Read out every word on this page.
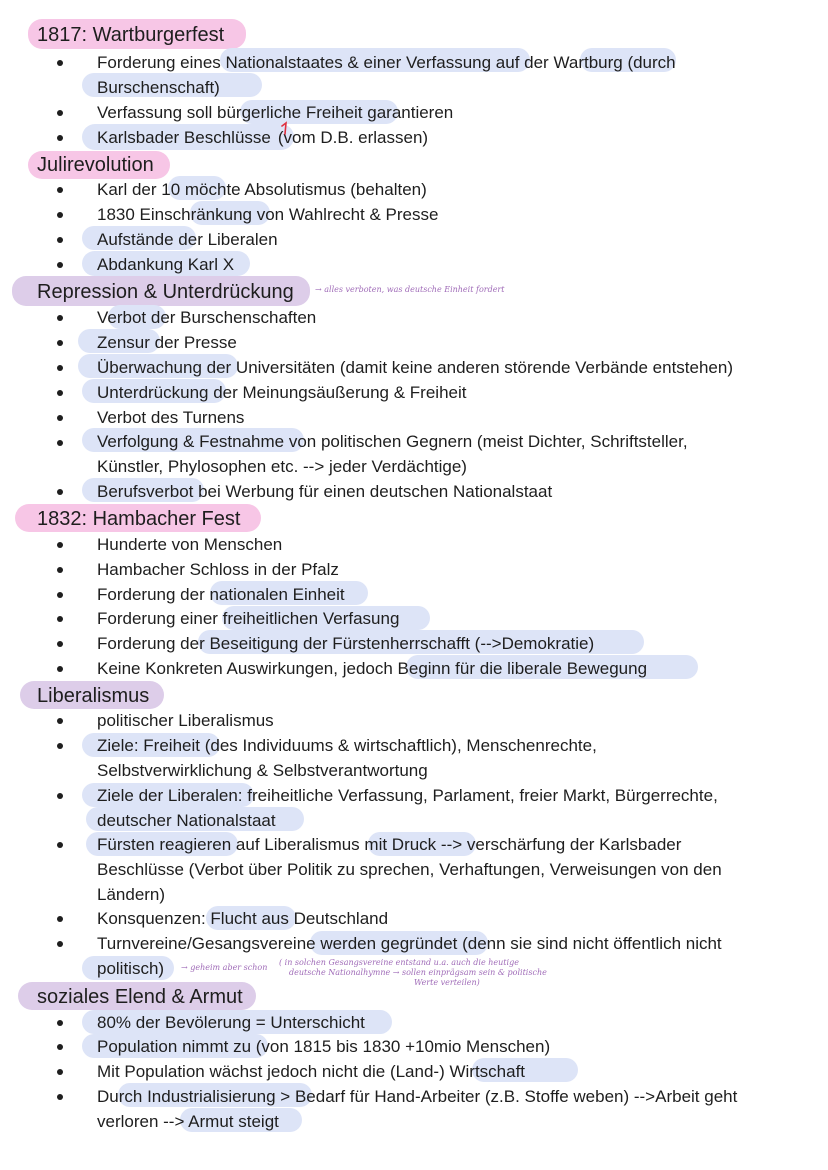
1817: Wartburgerfest
Forderung eines Nationalstaates & einer Verfassung auf der Wartburg (durch
Burschenschaft)
Verfassung soll bürgerliche Freiheit garantieren
Karlsbader Beschlüsse (vom D.B. erlassen)
Julirevolution
Karl der 10 möchte Absolutismus (behalten)
1830 Einschränkung von Wahlrecht & Presse
Aufstände der Liberalen
Abdankung Karl X
Repression & Unterdrückung	→ alles verboten, was deutsche Einheit fordert
Verbot der Burschenschaften
Zensur der Presse
Überwachung der Universitäten (damit keine anderen störende Verbände entstehen)
Unterdrückung der Meinungsäußerung & Freiheit
Verbot des Turnens
Verfolgung & Festnahme von politischen Gegnern (meist Dichter, Schriftsteller,
Künstler, Phylosophen etc. --> jeder Verdächtige)
Berufsverbot bei Werbung für einen deutschen Nationalstaat
1832: Hambacher Fest
Hunderte von Menschen
Hambacher Schloss in der Pfalz
Forderung der nationalen Einheit
Forderung einer freiheitlichen Verfasung
Forderung der Beseitigung der Fürstenherrschafft (-->Demokratie)
Keine Konkreten Auswirkungen, jedoch Beginn für die liberale Bewegung
Liberalismus
politischer Liberalismus
Ziele: Freiheit (des Individuums & wirtschaftlich), Menschenrechte,
Selbstverwirklichung & Selbstverantwortung
Ziele der Liberalen: freiheitliche Verfassung, Parlament, freier Markt, Bürgerrechte,
deutscher Nationalstaat
Fürsten reagieren auf Liberalismus mit Druck --> verschärfung der Karlsbader
Beschlüsse (Verbot über Politik zu sprechen, Verhaftungen, Verweisungen von den
Ländern)
Konsquenzen: Flucht aus Deutschland
Turnvereine/Gesangsvereine werden gegründet (denn sie sind nicht öffentlich nicht
politisch) → geheim aber schon
( in solchen Gesangsvereine entstand u.a. auch die heutige
deutsche Nationalhymne → sollen einprägsam sein & politische
Werte verteilen)
soziales Elend & Armut
80% der Bevölerung = Unterschicht
Population nimmt zu (von 1815 bis 1830 +10mio Menschen)
Mit Population wächst jedoch nicht die (Land-) Wirtschaft
Durch Industrialisierung > Bedarf für Hand-Arbeiter (z.B. Stoffe weben) -->Arbeit geht
verloren --> Armut steigt
